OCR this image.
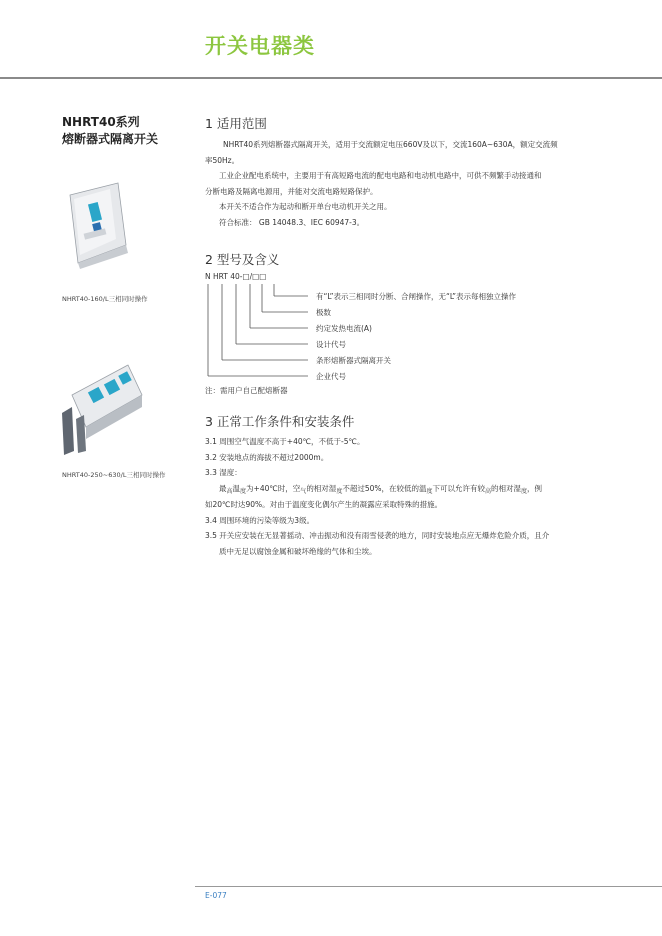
开关电器类
NHRT40系列
熔断器式隔离开关
NHRT40-160/L三相同时操作
NHRT40-250~630/L三相同时操作
1 适用范围
NHRT40系列熔断器式隔离开关，适用于交流额定电压660V及以下，交流160A~630A，额定交流频
率50Hz。
工业企业配电系统中，主要用于有高短路电流的配电电路和电动机电路中，可供不频繁手动接通和
分断电路及隔离电源用，并能对交流电路短路保护。
本开关不适合作为起动和断开单台电动机开关之用。
符合标准： GB 14048.3、IEC 60947-3。
2 型号及含义
N HRT 40-□/□□
有“L”表示三相同时分断、合闸操作，无“L”表示每相独立操作
极数
约定发热电流(A)
设计代号
条形熔断器式隔离开关
企业代号
注：需用户自己配熔断器
3 正常工作条件和安装条件
3.1 周围空气温度不高于+40℃，不低于-5℃。
3.2 安装地点的海拔不超过2000m。
3.3 湿度：
最$_高$温$_度$为+40℃时，空$_气$的相对湿$_度$不超过50%，在较低的温$_度$下可以允许有较$_高$的相对湿$_度$，例
如20℃时达90%。对由于温度变化偶尔产生的凝露应采取特殊的措施。
3.4 周围环境的污染等级为3级。
3.5 开关应安装在无显著摇动、冲击振动和没有雨雪侵袭的地方，同时安装地点应无爆炸危险介质，且介
质中无足以腐蚀金属和破坏绝缘的气体和尘埃。
E-077
